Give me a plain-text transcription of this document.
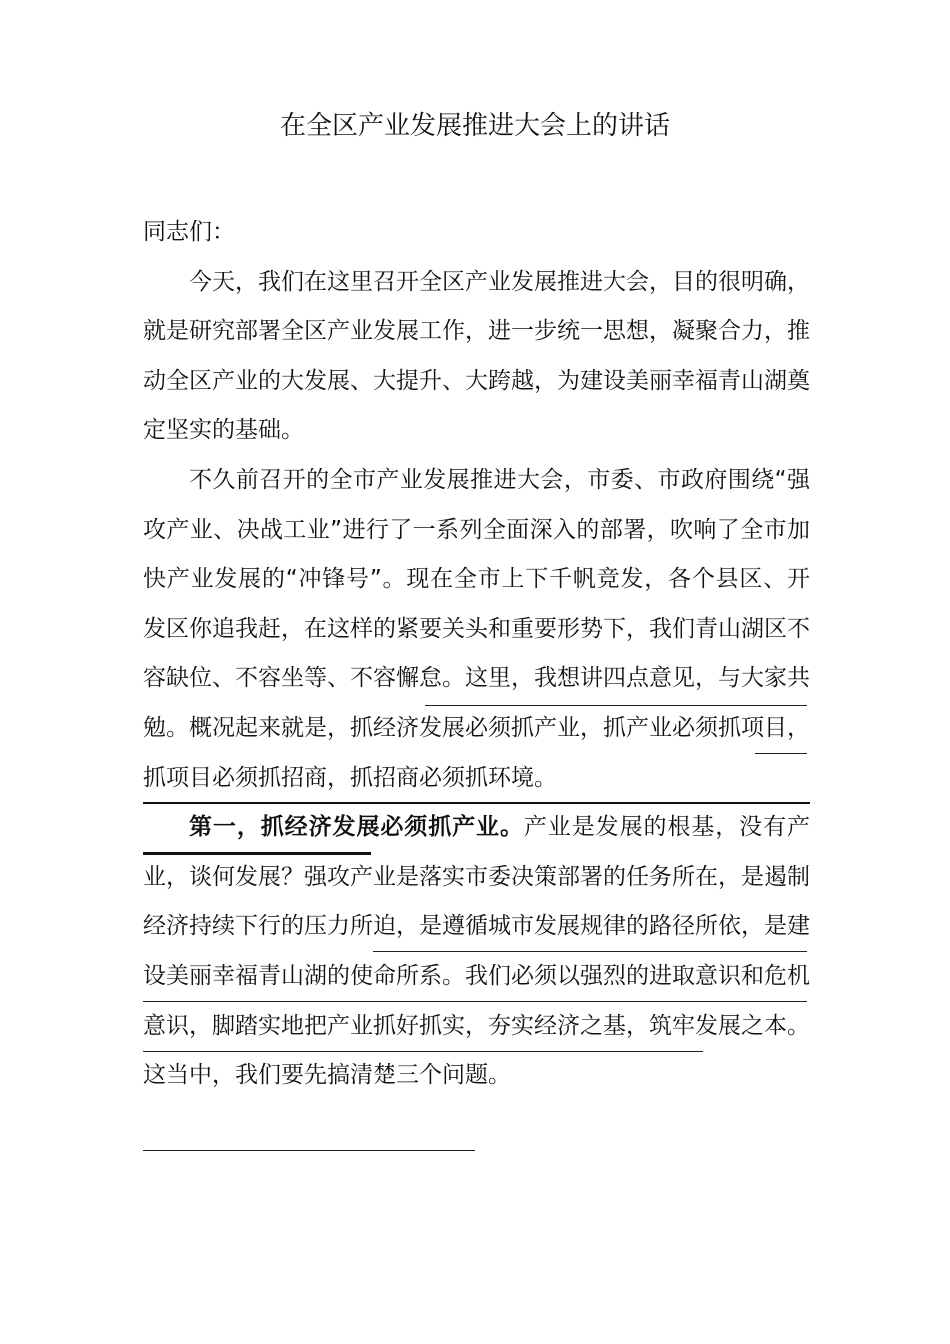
在全区产业发展推进大会上的讲话

同志们：

今天，我们在这里召开全区产业发展推进大会，目的很明确，就是研究部署全区产业发展工作，进一步统一思想，凝聚合力，推动全区产业的大发展、大提升、大跨越，为建设美丽幸福青山湖奠定坚实的基础。

不久前召开的全市产业发展推进大会，市委、市政府围绕“强攻产业、决战工业”进行了一系列全面深入的部署，吹响了全市加快产业发展的“冲锋号”。现在全市上下千帆竞发，各个县区、开发区你追我赶，在这样的紧要关头和重要形势下，我们青山湖区不容缺位、不容坐等、不容懈怠。这里，我想讲四点意见，与大家共勉。概况起来就是，抓经济发展必须抓产业，抓产业必须抓项目，抓项目必须抓招商，抓招商必须抓环境。

第一，抓经济发展必须抓产业。产业是发展的根基，没有产业，谈何发展？强攻产业是落实市委决策部署的任务所在，是遏制经济持续下行的压力所迫，是遵循城市发展规律的路径所依，是建设美丽幸福青山湖的使命所系。我们必须以强烈的进取意识和危机意识，脚踏实地把产业抓好抓实，夯实经济之基，筑牢发展之本。这当中，我们要先搞清楚三个问题。
